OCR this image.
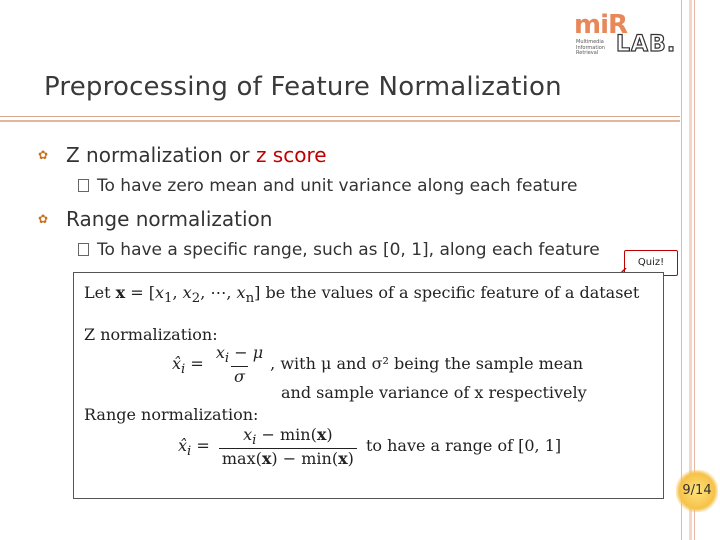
miR
Multimedia
Information
Retrieval LAB.
Preprocessing of Feature Normalization
✿ Z normalization or z score
To have zero mean and unit variance along each feature
✿ Range normalization
To have a specific range, such as [0, 1], along each feature
Quiz!
Let $x = [x_1$, $x_2$, ⋯, $x_n$] be the values of a specific feature of a dataset
Z normalization:
$x̂_i = \frac{x_i - \mu}{\sigma}$ , with μ and σ² being the sample mean
and sample variance of x respectively
Range normalization:
$x̂_i = \frac{x_i - \min(x)}{\max(x) - \min(x)}$ to have a range of [0, 1]
9/14
